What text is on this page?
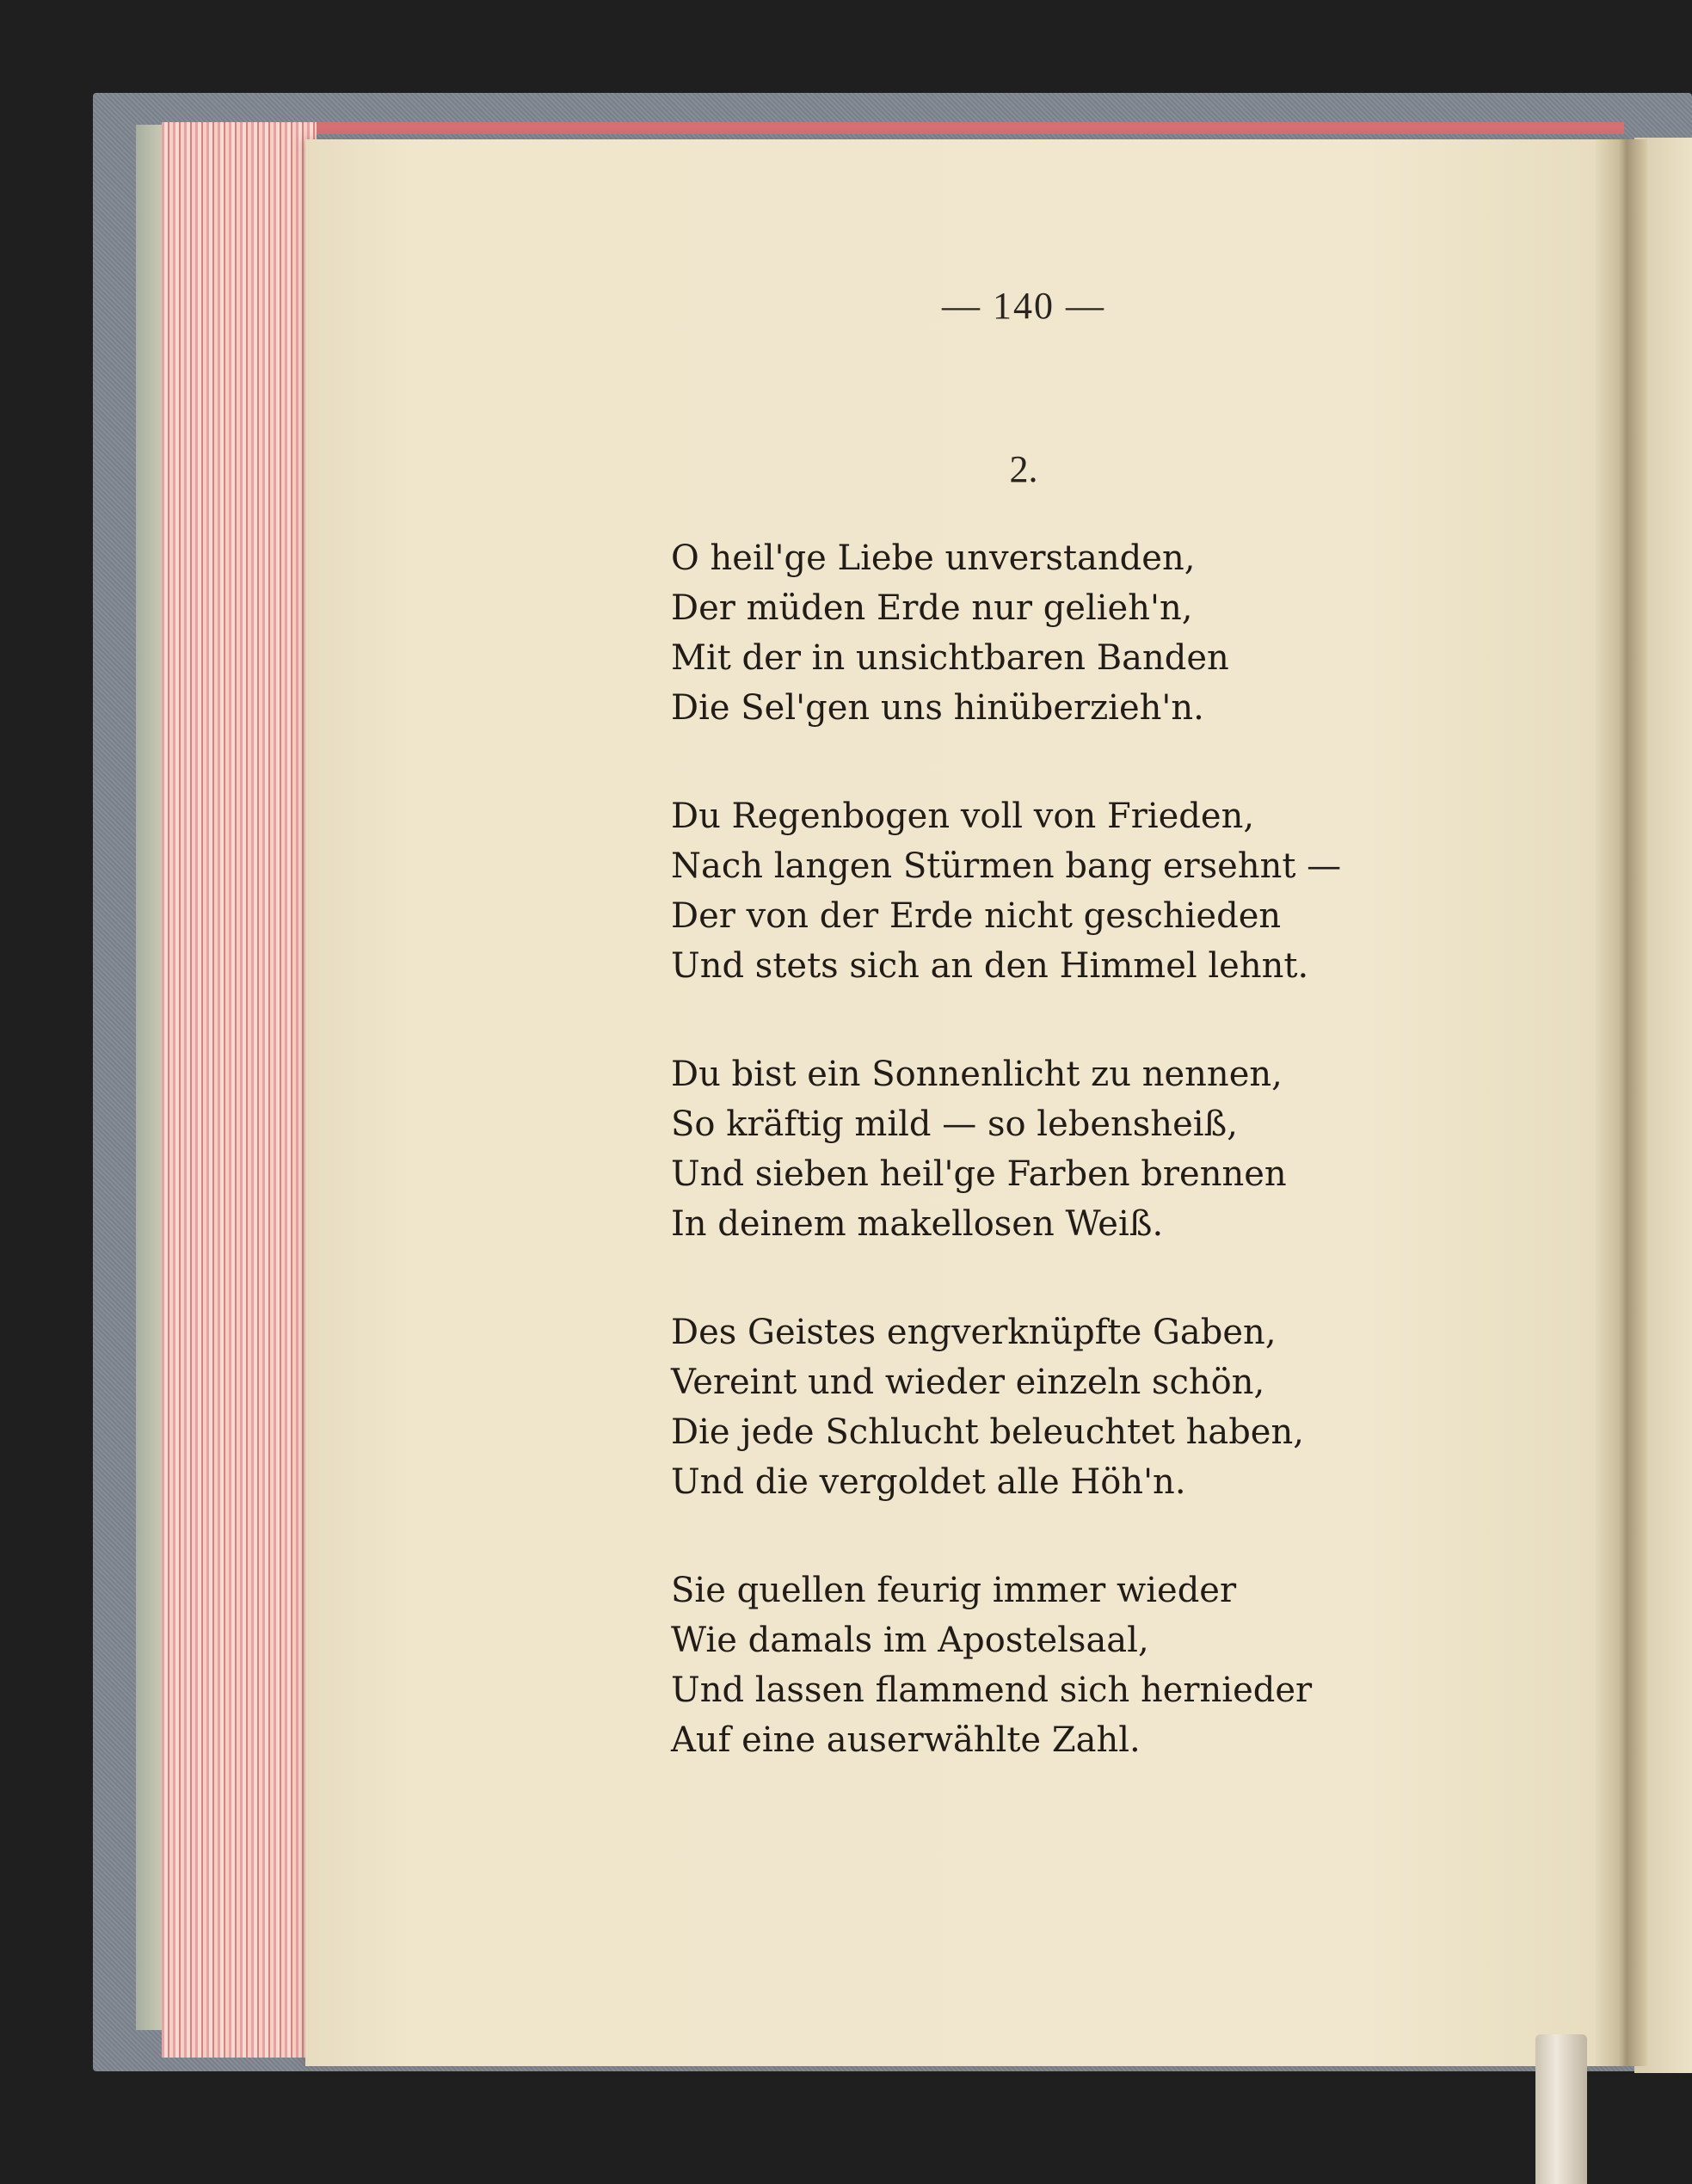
— 140 —
2.
O heil'ge Liebe unverstanden,
Der müden Erde nur gelieh'n,
Mit der in unsichtbaren Banden
Die Sel'gen uns hinüberzieh'n.
Du Regenbogen voll von Frieden,
Nach langen Stürmen bang ersehnt —
Der von der Erde nicht geschieden
Und stets sich an den Himmel lehnt.
Du bist ein Sonnenlicht zu nennen,
So kräftig mild — so lebensheiß,
Und sieben heil'ge Farben brennen
In deinem makellosen Weiß.
Des Geistes engverknüpfte Gaben,
Vereint und wieder einzeln schön,
Die jede Schlucht beleuchtet haben,
Und die vergoldet alle Höh'n.
Sie quellen feurig immer wieder
Wie damals im Apostelsaal,
Und lassen flammend sich hernieder
Auf eine auserwählte Zahl.
